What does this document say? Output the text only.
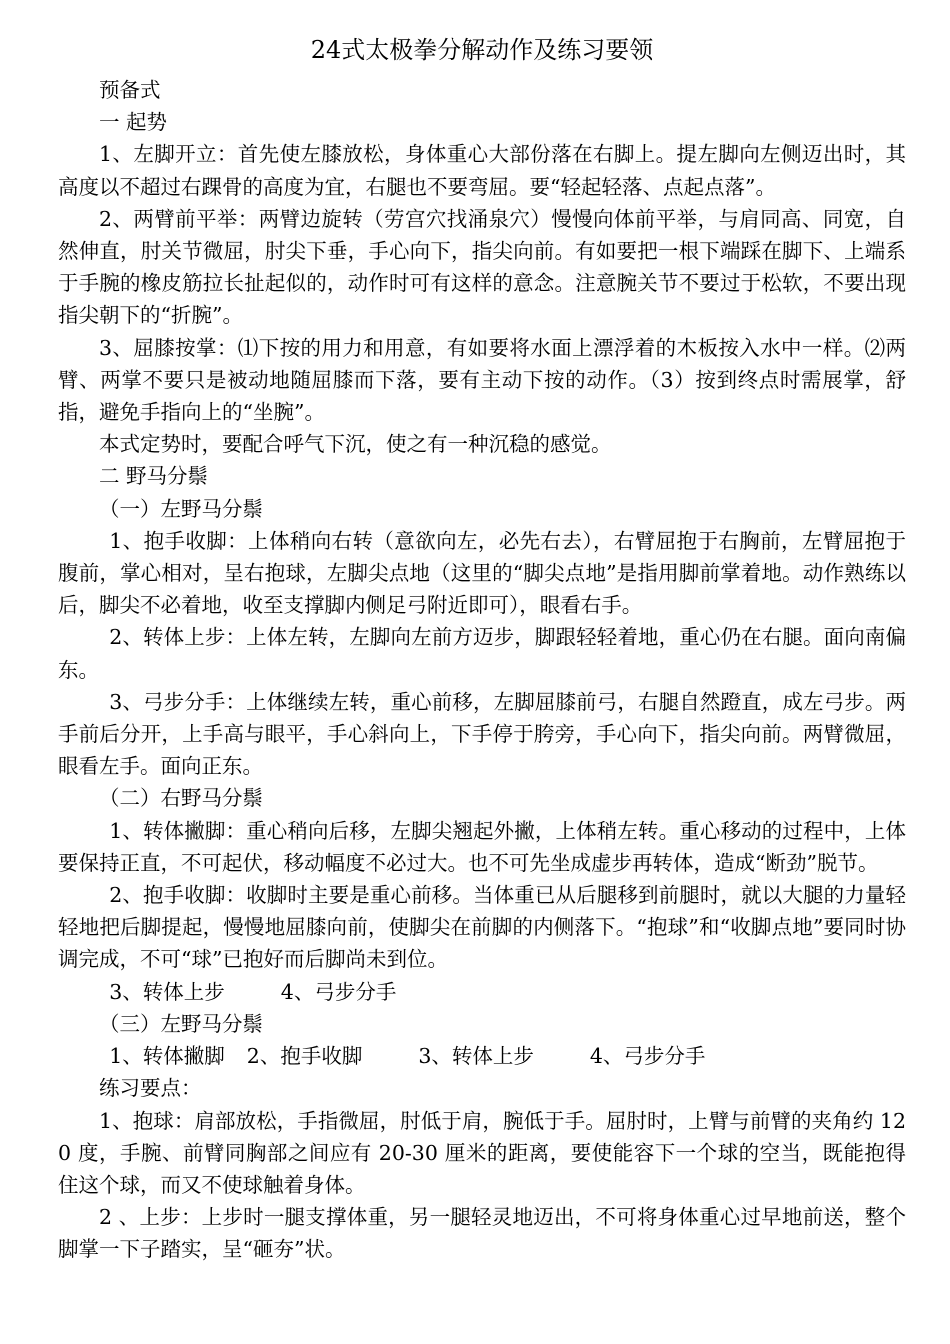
24式太极拳分解动作及练习要领

预备式

一 起势

1、左脚开立：首先使左膝放松，身体重心大部份落在右脚上。提左脚向左侧迈出时，其高度以不超过右踝骨的高度为宜，右腿也不要弯屈。要“轻起轻落、点起点落”。

2、两臂前平举：两臂边旋转（劳宫穴找涌泉穴）慢慢向体前平举，与肩同高、同宽，自然伸直，肘关节微屈，肘尖下垂，手心向下，指尖向前。有如要把一根下端踩在脚下、上端系于手腕的橡皮筋拉长扯起似的，动作时可有这样的意念。注意腕关节不要过于松软，不要出现指尖朝下的“折腕”。

3、屈膝按掌：⑴下按的用力和用意，有如要将水面上漂浮着的木板按入水中一样。⑵两臂、两掌不要只是被动地随屈膝而下落，要有主动下按的动作。（3）按到终点时需展掌，舒指，避免手指向上的“坐腕”。

本式定势时，要配合呼气下沉，使之有一种沉稳的感觉。

二 野马分鬃

（一）左野马分鬃

1、抱手收脚：上体稍向右转（意欲向左，必先右去），右臂屈抱于右胸前，左臂屈抱于腹前，掌心相对，呈右抱球，左脚尖点地（这里的“脚尖点地”是指用脚前掌着地。动作熟练以后，脚尖不必着地，收至支撑脚内侧足弓附近即可），眼看右手。

2、转体上步：上体左转，左脚向左前方迈步，脚跟轻轻着地，重心仍在右腿。面向南偏东。

3、弓步分手：上体继续左转，重心前移，左脚屈膝前弓，右腿自然蹬直，成左弓步。两手前后分开，上手高与眼平，手心斜向上，下手停于胯旁，手心向下，指尖向前。两臂微屈，眼看左手。面向正东。

（二）右野马分鬃

1、转体撇脚：重心稍向后移，左脚尖翘起外撇，上体稍左转。重心移动的过程中，上体要保持正直，不可起伏，移动幅度不必过大。也不可先坐成虚步再转体，造成“断劲”脱节。

2、抱手收脚：收脚时主要是重心前移。当体重已从后腿移到前腿时，就以大腿的力量轻轻地把后脚提起，慢慢地屈膝向前，使脚尖在前脚的内侧落下。“抱球”和“收脚点地”要同时协调完成，不可“球”已抱好而后脚尚未到位。

3、转体上步	4、弓步分手

（三）左野马分鬃

1、转体撇脚 2、抱手收脚	3、转体上步	4、弓步分手

练习要点：

1、抱球：肩部放松，手指微屈，肘低于肩，腕低于手。屈肘时，上臂与前臂的夹角约 120 度，手腕、前臂同胸部之间应有 20-30 厘米的距离，要使能容下一个球的空当，既能抱得住这个球，而又不使球触着身体。

2 、上步：上步时一腿支撑体重，另一腿轻灵地迈出，不可将身体重心过早地前送，整个脚掌一下子踏实，呈“砸夯”状。
